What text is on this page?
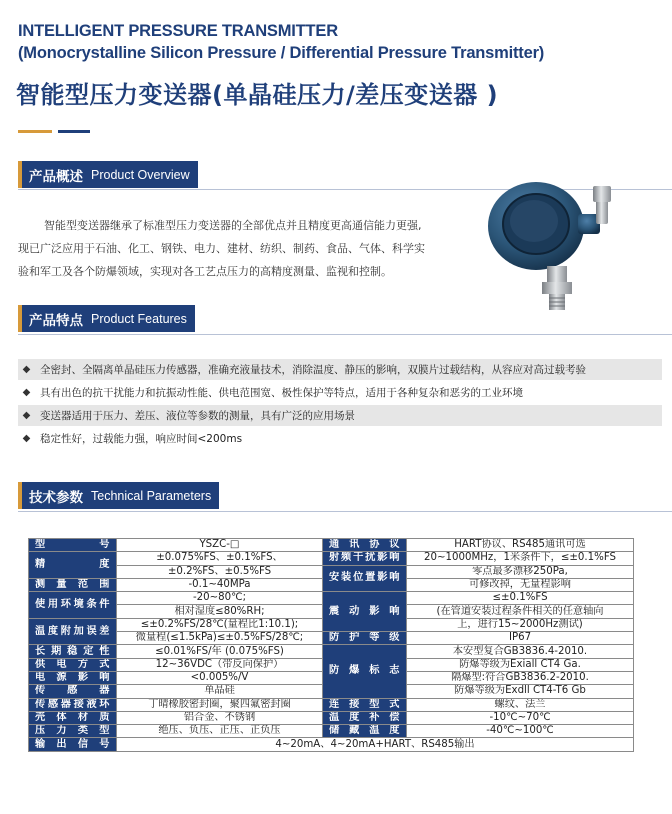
INTELLIGENT PRESSURE TRANSMITTER
(Monocrystalline Silicon Pressure / Differential Pressure Transmitter)
智能型压力变送器(单晶硅压力/差压变送器 )
产品概述 Product Overview
智能型变送器继承了标准型压力变送器的全部优点并且精度更高通信能力更强,
现已广泛应用于石油、化工、钢铁、电力、建材、纺织、制药、食品、气体、科学实
验和军工及各个防爆领域，实现对各工艺点压力的高精度测量、监视和控制。
产品特点 Product Features
◆ 全密封、全隔离单晶硅压力传感器，准确充液量技术，消除温度、静压的影响，双膜片过载结构，从容应对高过载考验
◆ 具有出色的抗干扰能力和抗振动性能、供电范围宽、极性保护等特点，适用于各种复杂和恶劣的工业环境
◆ 变送器适用于压力、差压、液位等参数的测量，具有广泛的应用场景
◆ 稳定性好，过载能力强，响应时间<200ms
技术参数 Technical Parameters
型号	YSZC-□	通讯协议	HART协议、RS485通讯可选
精度	±0.075%FS、±0.1%FS、	射频干扰影响	20~1000MHz，1米条件下，≤±0.1%FS
	±0.2%FS、±0.5%FS	安装位置影响	零点最多漂移250Pa,
测量范围	-0.1~40MPa		可修改掉，无量程影响
使用环境条件	-20~80℃;	震动影响	≤±0.1%FS
	相对湿度≤80%RH;		(在管道安装过程条件相关的任意轴向
温度附加误差	≤±0.2%FS/28℃(量程比1:10.1);		上，进行15~2000Hz测试)
	微量程(≤1.5kPa)≤±0.5%FS/28℃;	防护等级	IP67
长期稳定性	≤0.01%FS/年 (0.075%FS)	防爆标志	本安型复合GB3836.4-2010.
供电方式	12~36VDC（带反向保护）		防爆等级为Exiall CT4 Ga.
电源影响	<0.005%/V		隔爆型:符合GB3836.2-2010.
传感器	单晶硅		防爆等级为Exdll CT4-T6 Gb
传感器接液环	丁晴橡胶密封圈，聚四氟密封圈	连接型式	螺纹、法兰
壳体材质	铝合金、不锈钢	温度补偿	-10℃~70℃
压力类型	绝压、负压、正压、正负压	储藏温度	-40℃~100℃
输出信号	4~20mA、4~20mA+HART、RS485输出		
